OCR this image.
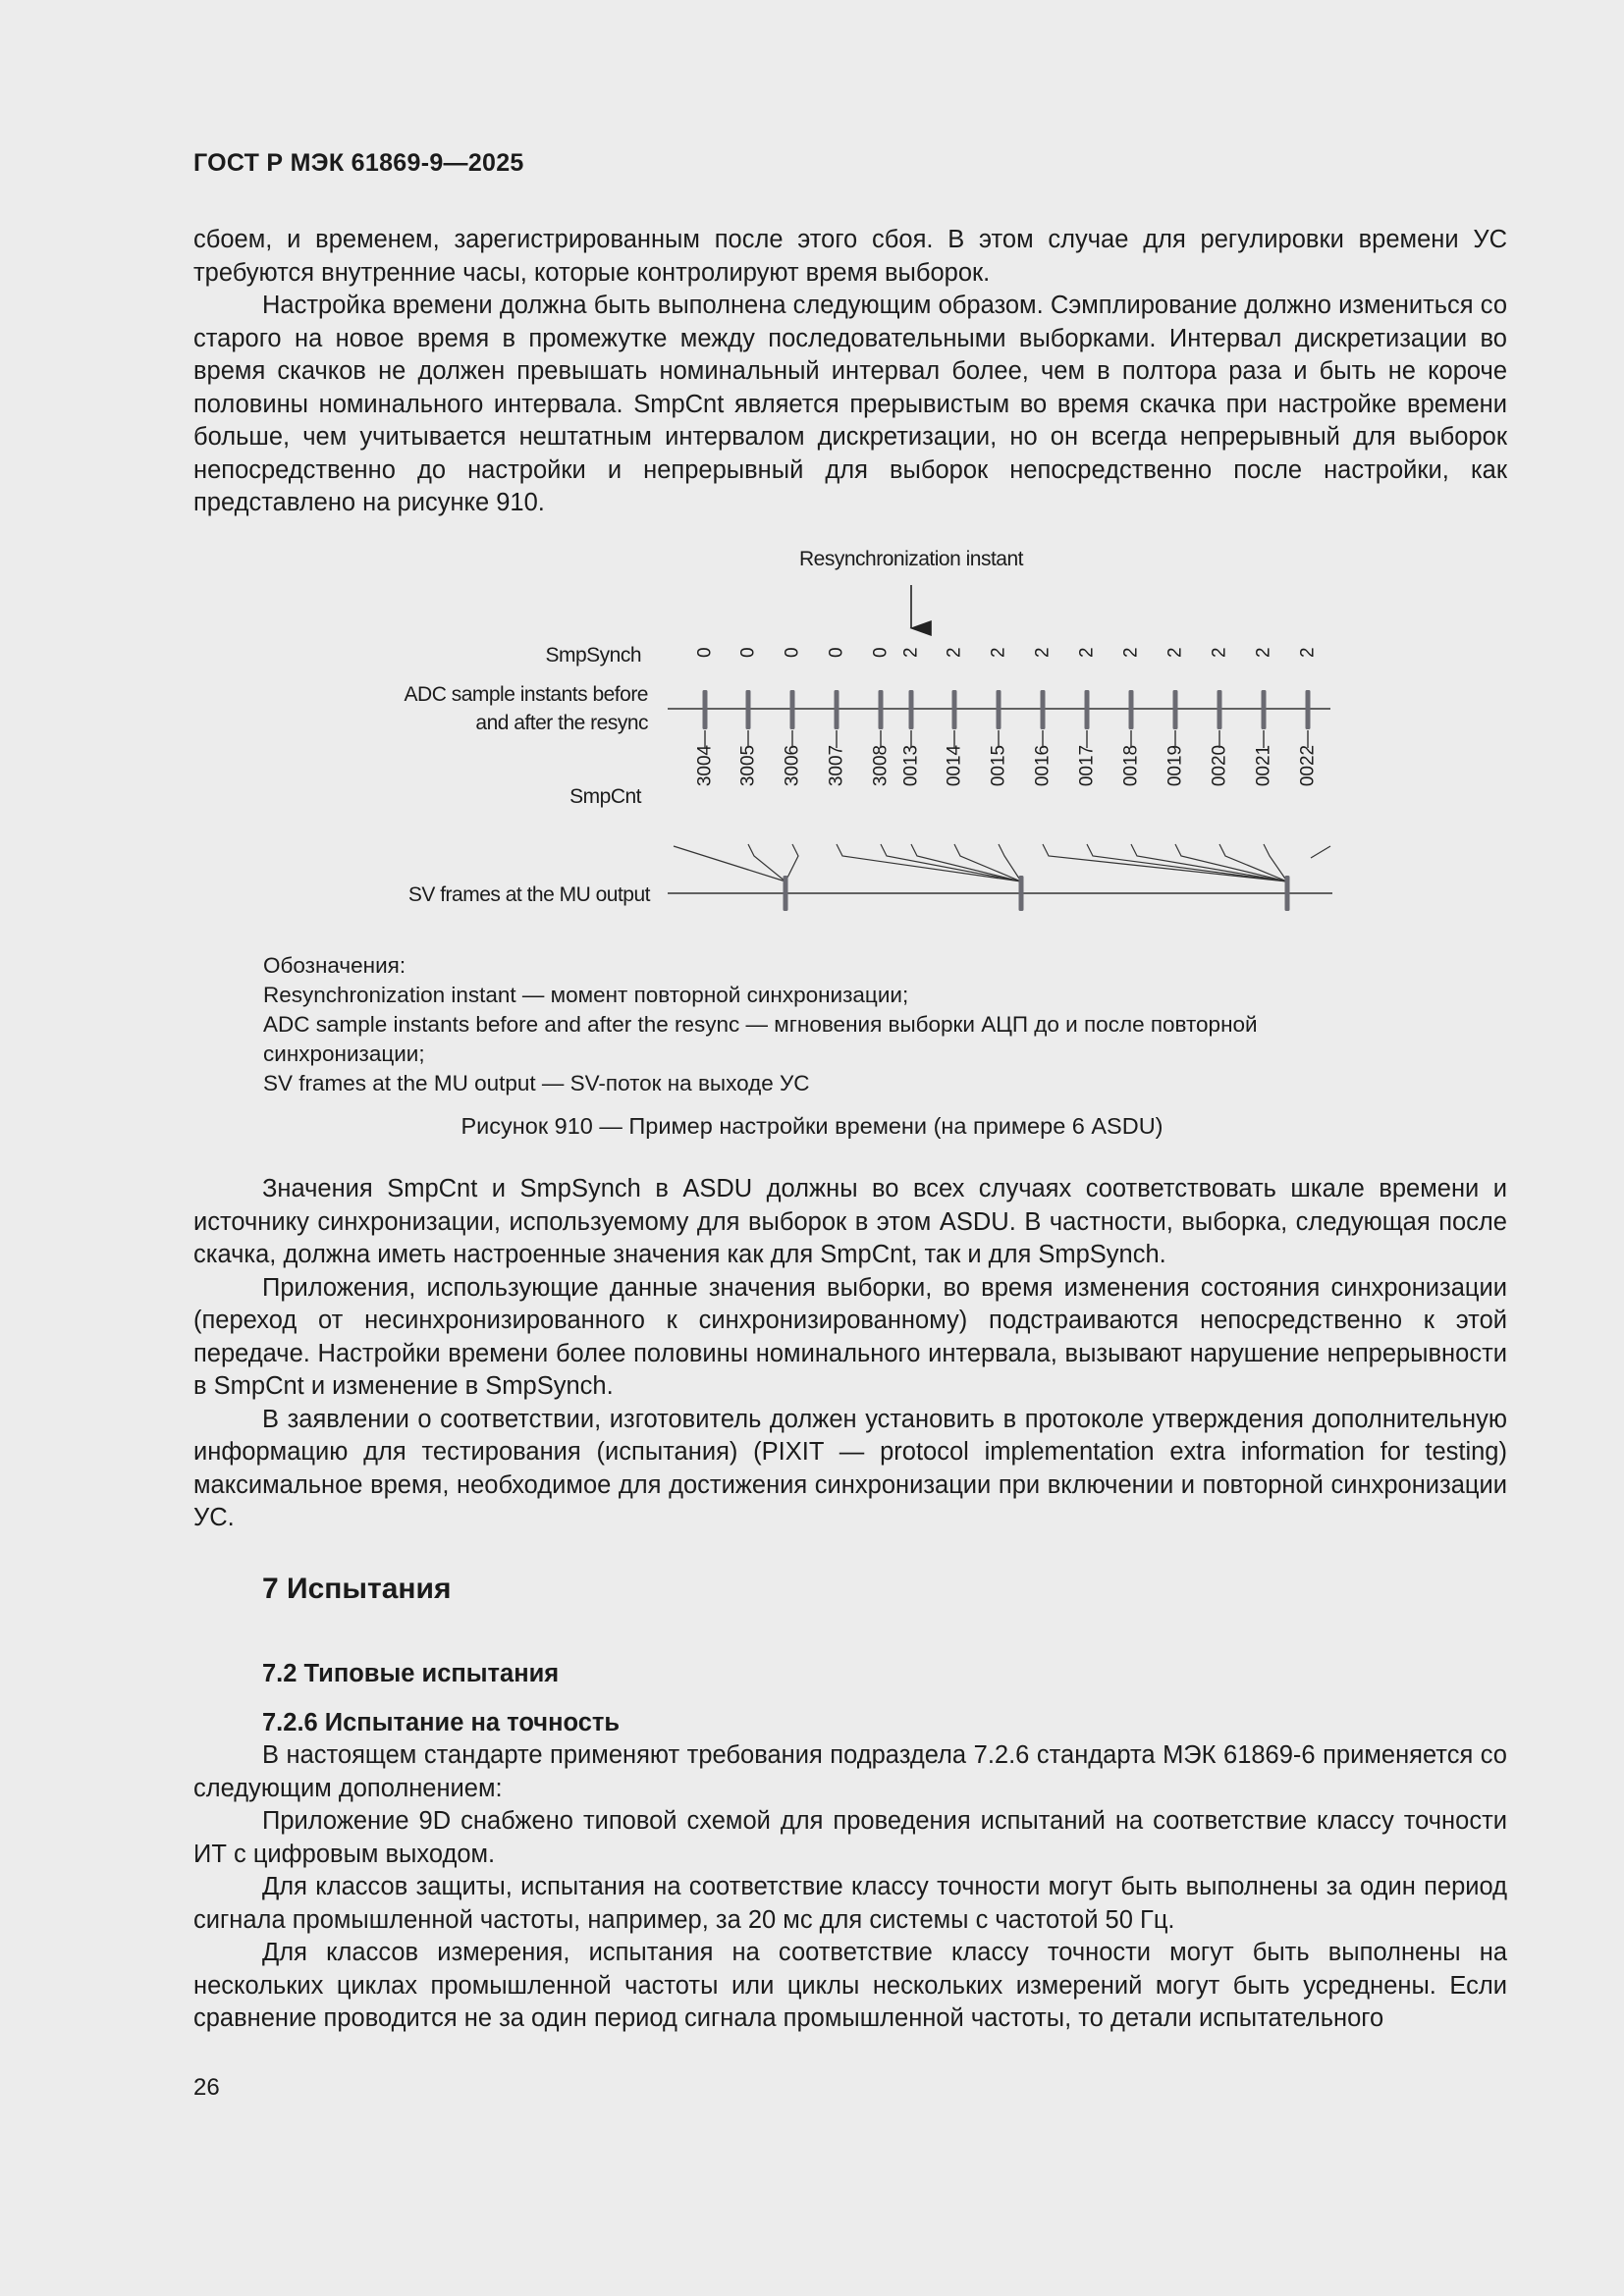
ГОСТ Р МЭК 61869-9—2025

сбоем, и временем, зарегистрированным после этого сбоя. В этом случае для регулировки времени УС требуются внутренние часы, которые контролируют время выборок.

Настройка времени должна быть выполнена следующим образом. Сэмплирование должно измениться со старого на новое время в промежутке между последовательными выборками. Интервал дискретизации во время скачков не должен превышать номинальный интервал более, чем в полтора раза и быть не короче половины номинального интервала. SmpCnt является прерывистым во время скачка при настройке времени больше, чем учитывается нештатным интервалом дискретизации, но он всегда непрерывный для выборок непосредственно до настройки и непрерывный для выборок непосредственно после настройки, как представлено на рисунке 910.

Resynchronization instant
SmpSynch
ADC sample instants before
and after the resync
SmpCnt
SV frames at the MU output
0 0 0 0 0 2 2 2 2 2 2 2 2 2 2
3004 3005 3006 3007 3008 0013 0014 0015 0016 0017 0018 0019 0020 0021 0022
Обозначения:
Resynchronization instant — момент повторной синхронизации;
ADC sample instants before and after the resync — мгновения выборки АЦП до и после повторной
синхронизации;
SV frames at the MU output — SV-поток на выходе УС
Рисунок 910 — Пример настройки времени (на примере 6 ASDU)

Значения SmpCnt и SmpSynch в ASDU должны во всех случаях соответствовать шкале времени и источнику синхронизации, используемому для выборок в этом ASDU. В частности, выборка, следующая после скачка, должна иметь настроенные значения как для SmpCnt, так и для SmpSynch.

Приложения, использующие данные значения выборки, во время изменения состояния синхронизации (переход от несинхронизированного к синхронизированному) подстраиваются непосредственно к этой передаче. Настройки времени более половины номинального интервала, вызывают нарушение непрерывности в SmpCnt и изменение в SmpSynch.

В заявлении о соответствии, изготовитель должен установить в протоколе утверждения дополнительную информацию для тестирования (испытания) (PIXIT — protocol implementation extra information for testing) максимальное время, необходимое для достижения синхронизации при включении и повторной синхронизации УС.

7 Испытания
7.2 Типовые испытания
7.2.6 Испытание на точность

В настоящем стандарте применяют требования подраздела 7.2.6 стандарта МЭК 61869-6 применяется со следующим дополнением:

Приложение 9D снабжено типовой схемой для проведения испытаний на соответствие классу точности ИТ с цифровым выходом.

Для классов защиты, испытания на соответствие классу точности могут быть выполнены за один период сигнала промышленной частоты, например, за 20 мс для системы с частотой 50 Гц.

Для классов измерения, испытания на соответствие классу точности могут быть выполнены на нескольких циклах промышленной частоты или циклы нескольких измерений могут быть усреднены. Если сравнение проводится не за один период сигнала промышленной частоты, то детали испытательного

26
